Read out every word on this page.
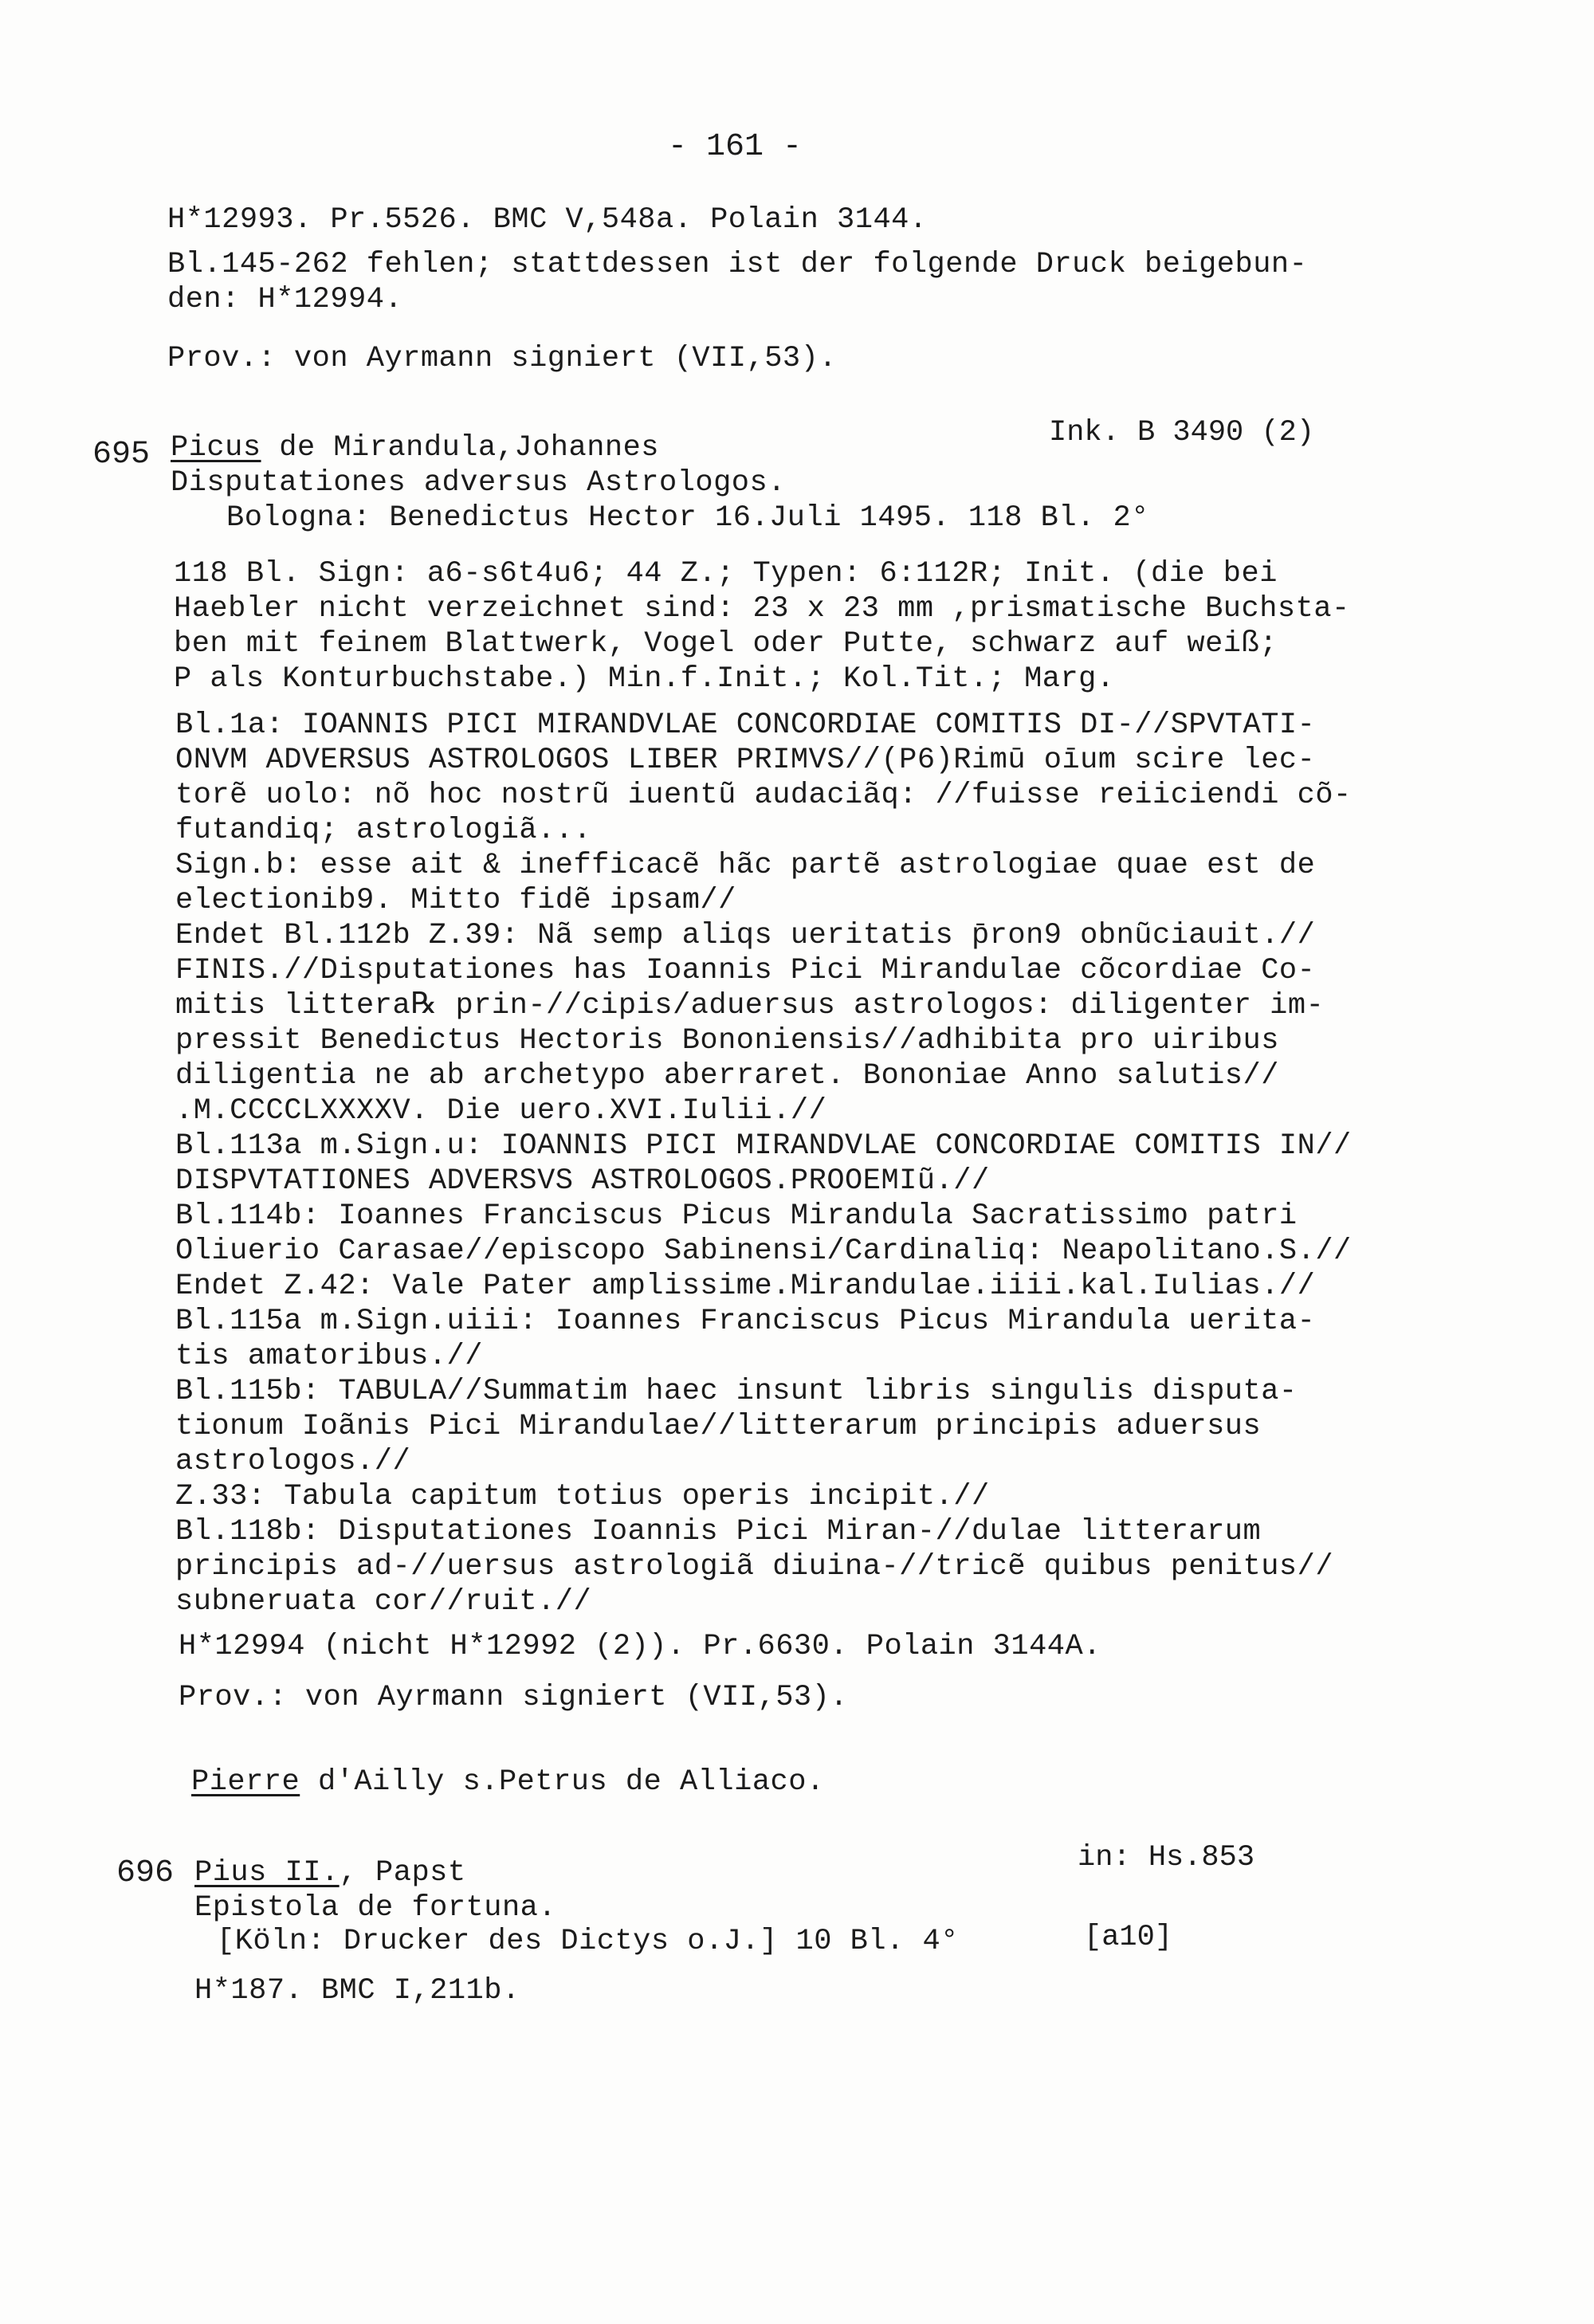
- 161 -
H*12993. Pr.5526. BMC V,548a. Polain 3144.
Bl.145-262 fehlen; stattdessen ist der folgende Druck beigebun-
den: H*12994.
Prov.: von Ayrmann signiert (VII,53).
695 Picus de Mirandula,Johannes	Ink. B 3490 (2)
Disputationes adversus Astrologos.
Bologna: Benedictus Hector 16.Juli 1495. 118 Bl. 2°
118 Bl. Sign: a6-s6t4u6; 44 Z.; Typen: 6:112R; Init. (die bei
Haebler nicht verzeichnet sind: 23 x 23 mm ,prismatische Buchsta-
ben mit feinem Blattwerk, Vogel oder Putte, schwarz auf weiß;
P als Konturbuchstabe.) Min.f.Init.; Kol.Tit.; Marg.
Bl.1a: IOANNIS PICI MIRANDVLAE CONCORDIAE COMITIS DI-//SPVTATI-
ONVM ADVERSUS ASTROLOGOS LIBER PRIMVS//(P6)Rimū oīum scire lec-
torẽ uolo: nõ hoc nostrũ iuentũ audaciãq: //fuisse reiiciendi cõ-
futandiq; astrologiã...
Sign.b: esse ait & inefficacẽ hãc partẽ astrologiae quae est de
electionib9. Mitto fidẽ ipsam//
Endet Bl.112b Z.39: Nã semp aliqs ueritatis p̄ron9 obnũciauit.//
FINIS.//Disputationes has Ioannis Pici Mirandulae cõcordiae Co-
mitis littera℞ prin-//cipis/aduersus astrologos: diligenter im-
pressit Benedictus Hectoris Bononiensis//adhibita pro uiribus
diligentia ne ab archetypo aberraret. Bononiae Anno salutis//
.M.CCCCLXXXXV. Die uero.XVI.Iulii.//
Bl.113a m.Sign.u: IOANNIS PICI MIRANDVLAE CONCORDIAE COMITIS IN//
DISPVTATIONES ADVERSVS ASTROLOGOS.PROOEMIũ.//
Bl.114b: Ioannes Franciscus Picus Mirandula Sacratissimo patri
Oliuerio Carasae//episcopo Sabinensi/Cardinaliq: Neapolitano.S.//
Endet Z.42: Vale Pater amplissime.Mirandulae.iiii.kal.Iulias.//
Bl.115a m.Sign.uiii: Ioannes Franciscus Picus Mirandula uerita-
tis amatoribus.//
Bl.115b: TABULA//Summatim haec insunt libris singulis disputa-
tionum Ioãnis Pici Mirandulae//litterarum principis aduersus
astrologos.//
Z.33: Tabula capitum totius operis incipit.//
Bl.118b: Disputationes Ioannis Pici Miran-//dulae litterarum
principis ad-//uersus astrologiã diuina-//tricẽ quibus penitus//
subneruata cor//ruit.//
H*12994 (nicht H*12992 (2)). Pr.6630. Polain 3144A.
Prov.: von Ayrmann signiert (VII,53).
Pierre d'Ailly s.Petrus de Alliaco.
696 Pius II., Papst	in: Hs.853
Epistola de fortuna.
[Köln: Drucker des Dictys o.J.] 10 Bl. 4°	[a10]
H*187. BMC I,211b.
